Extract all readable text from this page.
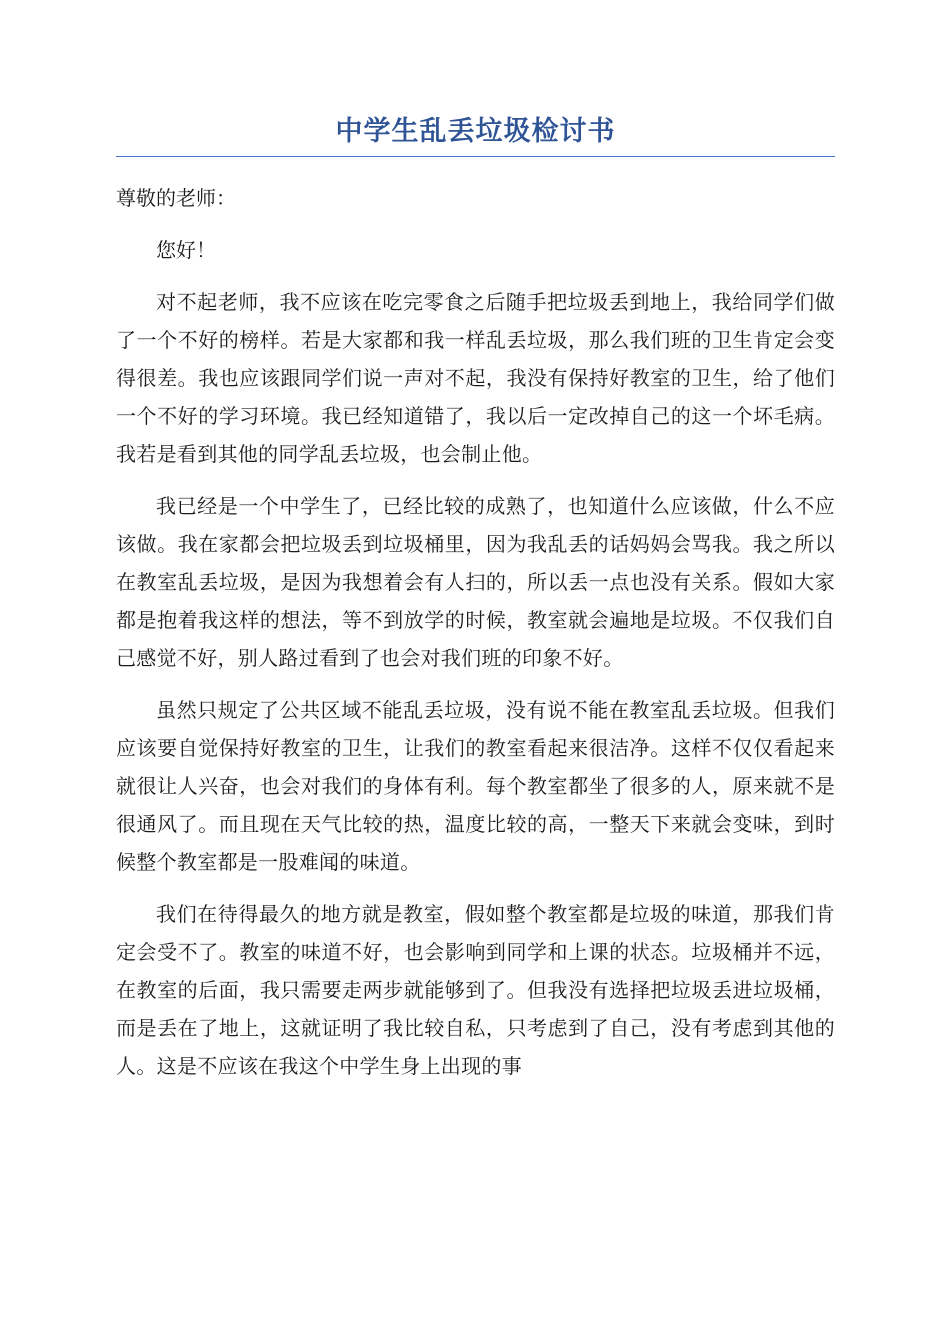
中学生乱丢垃圾检讨书

尊敬的老师：

您好！

对不起老师，我不应该在吃完零食之后随手把垃圾丢到地上，我给同学们做了一个不好的榜样。若是大家都和我一样乱丢垃圾，那么我们班的卫生肯定会变得很差。我也应该跟同学们说一声对不起，我没有保持好教室的卫生，给了他们一个不好的学习环境。我已经知道错了，我以后一定改掉自己的这一个坏毛病。我若是看到其他的同学乱丢垃圾，也会制止他。

我已经是一个中学生了，已经比较的成熟了，也知道什么应该做，什么不应该做。我在家都会把垃圾丢到垃圾桶里，因为我乱丢的话妈妈会骂我。我之所以在教室乱丢垃圾，是因为我想着会有人扫的，所以丢一点也没有关系。假如大家都是抱着我这样的想法，等不到放学的时候，教室就会遍地是垃圾。不仅我们自己感觉不好，别人路过看到了也会对我们班的印象不好。

虽然只规定了公共区域不能乱丢垃圾，没有说不能在教室乱丢垃圾。但我们应该要自觉保持好教室的卫生，让我们的教室看起来很洁净。这样不仅仅看起来就很让人兴奋，也会对我们的身体有利。每个教室都坐了很多的人，原来就不是很通风了。而且现在天气比较的热，温度比较的高，一整天下来就会变味，到时候整个教室都是一股难闻的味道。

我们在待得最久的地方就是教室，假如整个教室都是垃圾的味道，那我们肯定会受不了。教室的味道不好，也会影响到同学和上课的状态。垃圾桶并不远，在教室的后面，我只需要走两步就能够到了。但我没有选择把垃圾丢进垃圾桶，而是丢在了地上，这就证明了我比较自私，只考虑到了自己，没有考虑到其他的人。这是不应该在我这个中学生身上出现的事
